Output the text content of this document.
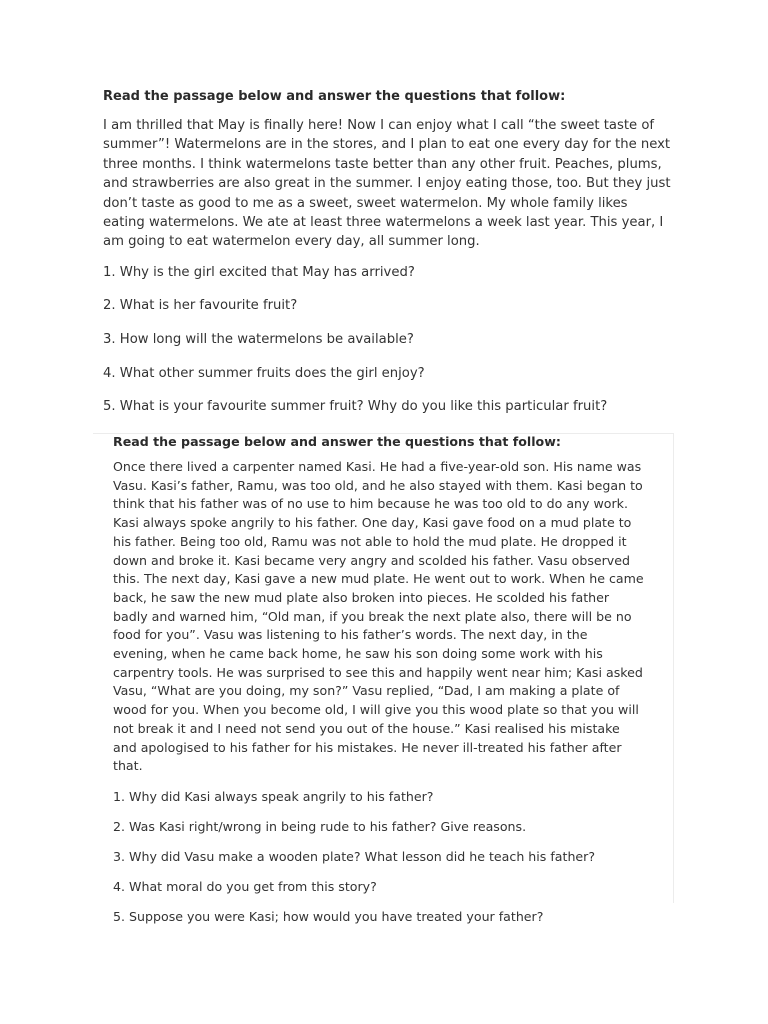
Read the passage below and answer the questions that follow:

I am thrilled that May is finally here! Now I can enjoy what I call “the sweet taste of summer”! Watermelons are in the stores, and I plan to eat one every day for the next three months. I think watermelons taste better than any other fruit. Peaches, plums, and strawberries are also great in the summer. I enjoy eating those, too. But they just don’t taste as good to me as a sweet, sweet watermelon. My whole family likes eating watermelons. We ate at least three watermelons a week last year. This year, I am going to eat watermelon every day, all summer long.

1. Why is the girl excited that May has arrived?
2. What is her favourite fruit?
3. How long will the watermelons be available?
4. What other summer fruits does the girl enjoy?
5. What is your favourite summer fruit? Why do you like this particular fruit?

Read the passage below and answer the questions that follow:

Once there lived a carpenter named Kasi. He had a five-year-old son. His name was Vasu. Kasi’s father, Ramu, was too old, and he also stayed with them. Kasi began to think that his father was of no use to him because he was too old to do any work. Kasi always spoke angrily to his father. One day, Kasi gave food on a mud plate to his father. Being too old, Ramu was not able to hold the mud plate. He dropped it down and broke it. Kasi became very angry and scolded his father. Vasu observed this. The next day, Kasi gave a new mud plate. He went out to work. When he came back, he saw the new mud plate also broken into pieces. He scolded his father badly and warned him, “Old man, if you break the next plate also, there will be no food for you”. Vasu was listening to his father’s words. The next day, in the evening, when he came back home, he saw his son doing some work with his carpentry tools. He was surprised to see this and happily went near him; Kasi asked Vasu, “What are you doing, my son?” Vasu replied, “Dad, I am making a plate of wood for you. When you become old, I will give you this wood plate so that you will not break it and I need not send you out of the house.” Kasi realised his mistake and apologised to his father for his mistakes. He never ill-treated his father after that.

1. Why did Kasi always speak angrily to his father?
2. Was Kasi right/wrong in being rude to his father? Give reasons.
3. Why did Vasu make a wooden plate? What lesson did he teach his father?
4. What moral do you get from this story?
5. Suppose you were Kasi; how would you have treated your father?
